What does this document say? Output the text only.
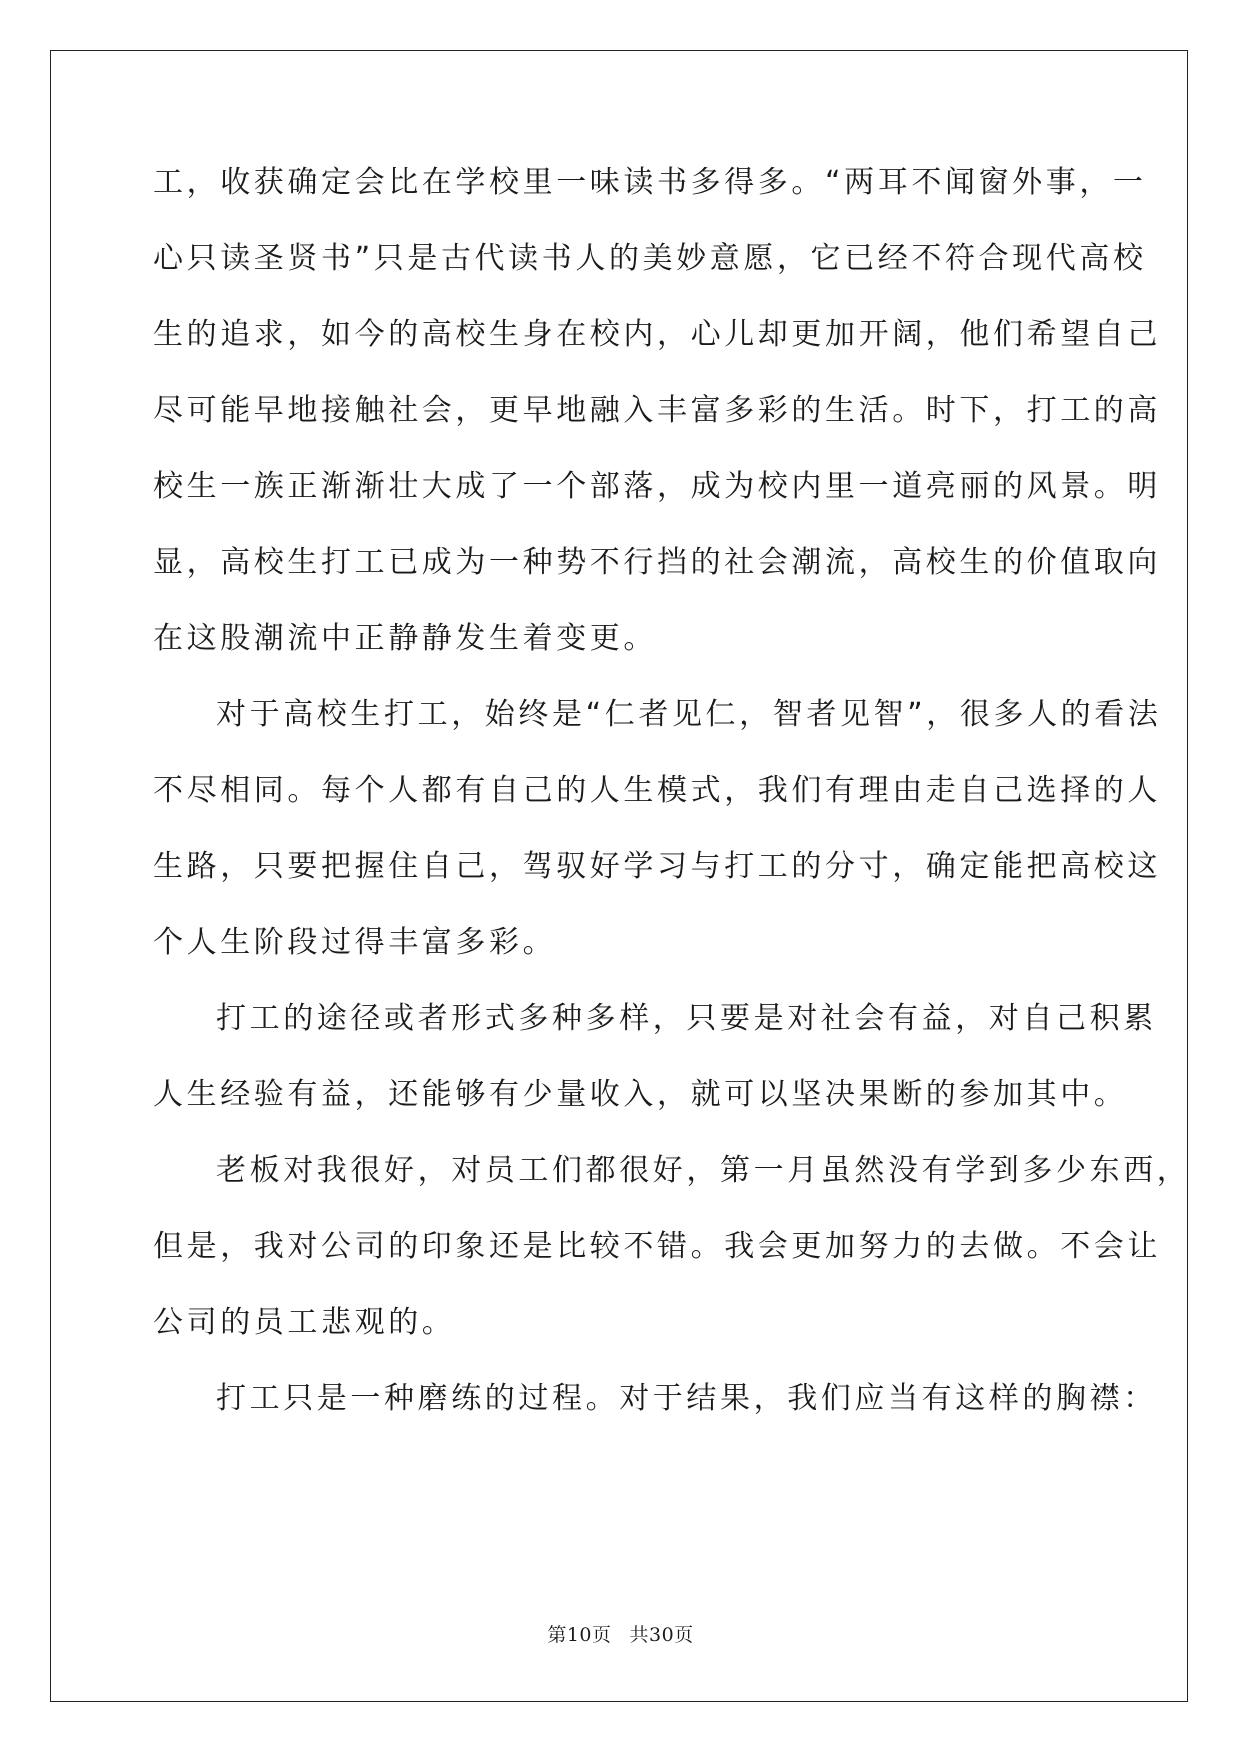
工，收获确定会比在学校里一味读书多得多。“两耳不闻窗外事，一
心只读圣贤书”只是古代读书人的美妙意愿，它已经不符合现代高校
生的追求，如今的高校生身在校内，心儿却更加开阔，他们希望自己
尽可能早地接触社会，更早地融入丰富多彩的生活。时下，打工的高
校生一族正渐渐壮大成了一个部落，成为校内里一道亮丽的风景。明
显，高校生打工已成为一种势不行挡的社会潮流，高校生的价值取向
在这股潮流中正静静发生着变更。
对于高校生打工，始终是“仁者见仁，智者见智”，很多人的看法
不尽相同。每个人都有自己的人生模式，我们有理由走自己选择的人
生路，只要把握住自己，驾驭好学习与打工的分寸，确定能把高校这
个人生阶段过得丰富多彩。
打工的途径或者形式多种多样，只要是对社会有益，对自己积累
人生经验有益，还能够有少量收入，就可以坚决果断的参加其中。
老板对我很好，对员工们都很好，第一月虽然没有学到多少东西，
但是，我对公司的印象还是比较不错。我会更加努力的去做。不会让
公司的员工悲观的。
打工只是一种磨练的过程。对于结果，我们应当有这样的胸襟：
第10页 共30页
